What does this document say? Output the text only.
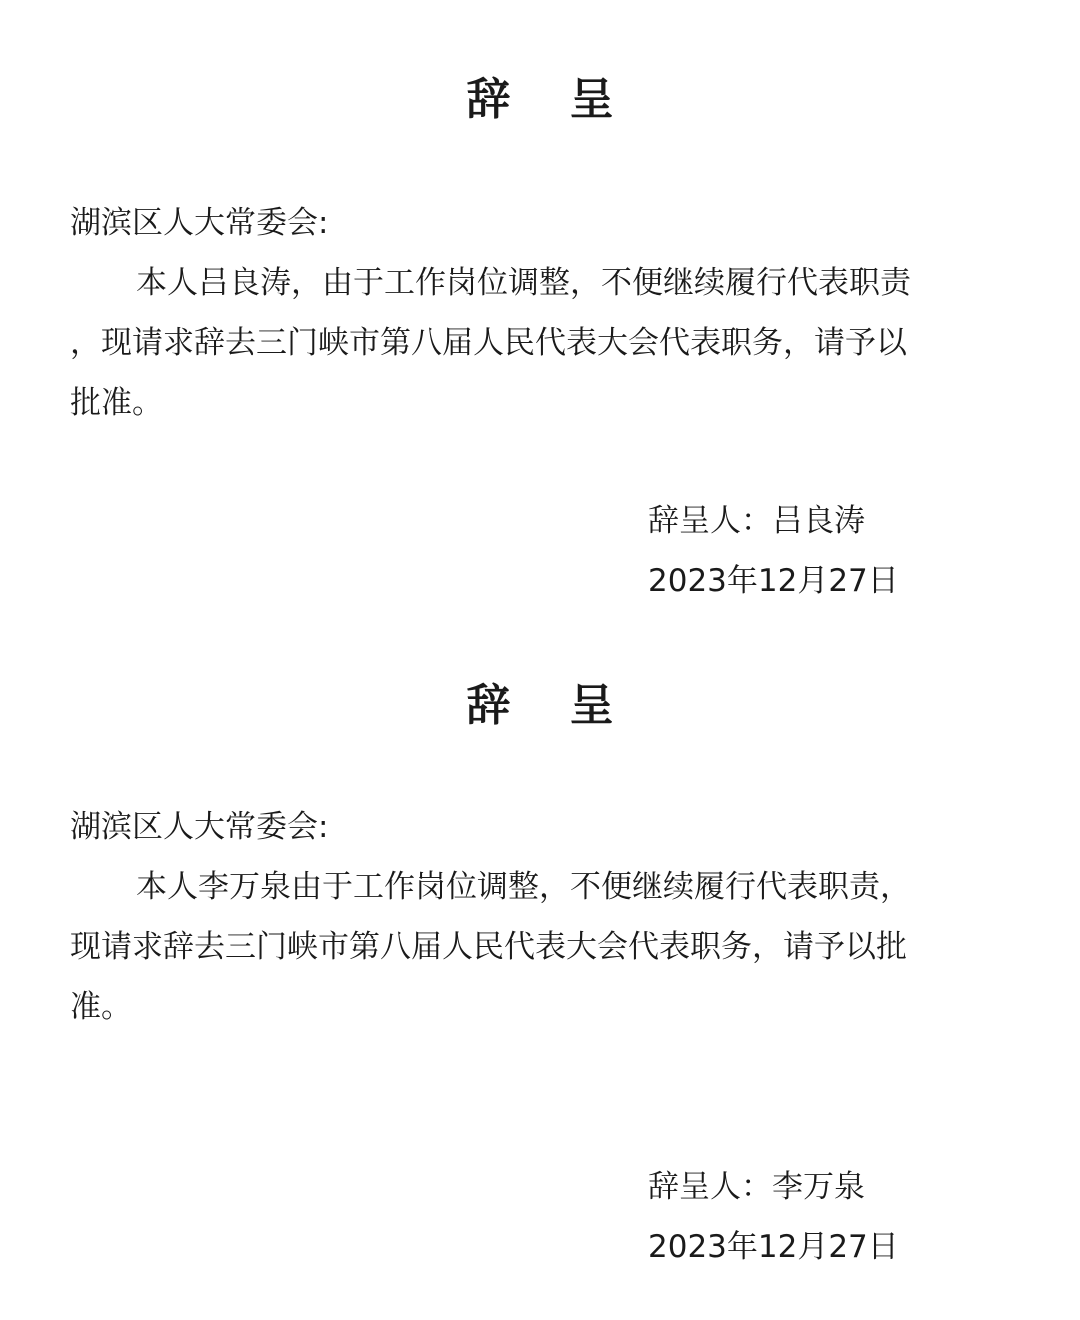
辞 呈

湖滨区人大常委会:

本人吕良涛，由于工作岗位调整，不便继续履行代表职责

，现请求辞去三门峡市第八届人民代表大会代表职务，请予以

批准。

辞呈人：吕良涛

2023年12月27日

辞 呈

湖滨区人大常委会:

本人李万泉由于工作岗位调整，不便继续履行代表职责，

现请求辞去三门峡市第八届人民代表大会代表职务，请予以批

准。

辞呈人：李万泉

2023年12月27日
